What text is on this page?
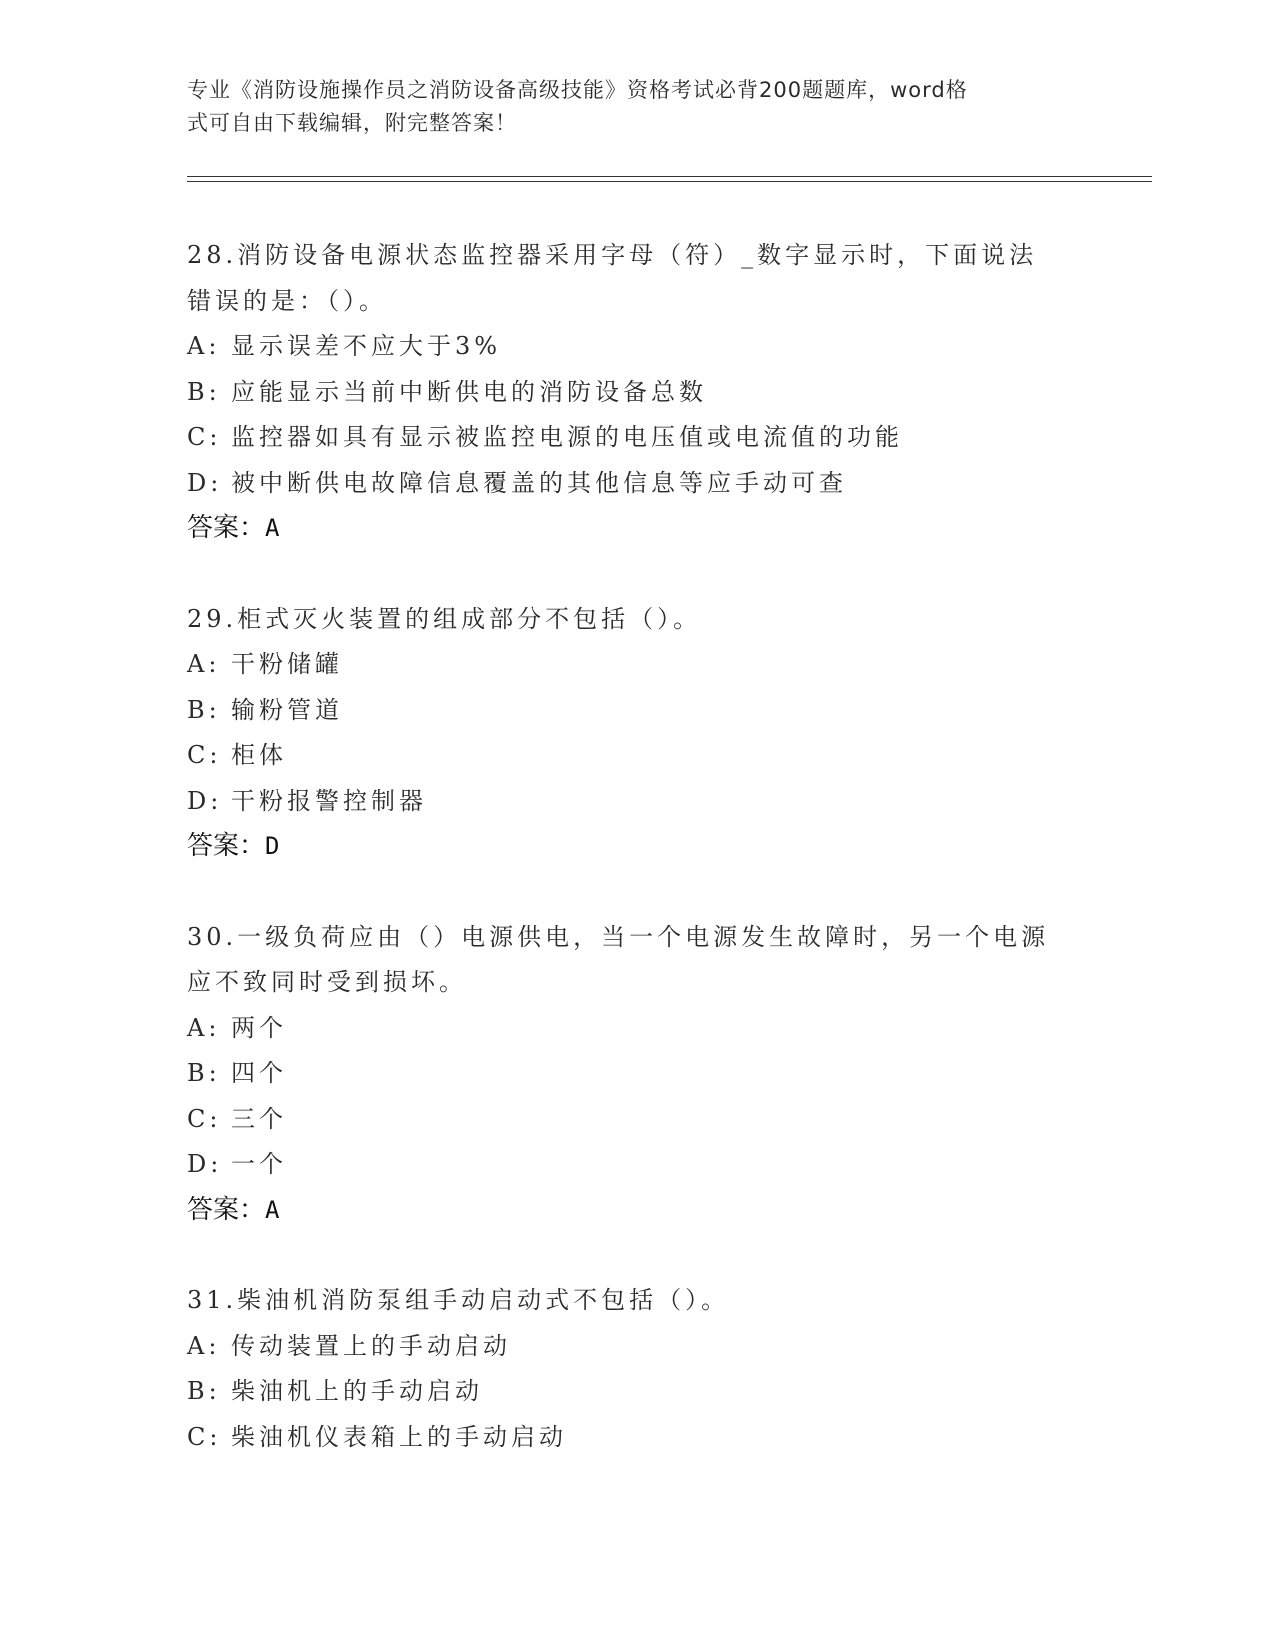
专业《消防设施操作员之消防设备高级技能》资格考试必背200题题库，word格
式可自由下载编辑，附完整答案！
28.消防设备电源状态监控器采用字母（符）_数字显示时，下面说法
错误的是：（）。
A: 显示误差不应大于3%
B: 应能显示当前中断供电的消防设备总数
C: 监控器如具有显示被监控电源的电压值或电流值的功能
D: 被中断供电故障信息覆盖的其他信息等应手动可查
答案：A
29.柜式灭火装置的组成部分不包括（）。
A: 干粉储罐
B: 输粉管道
C: 柜体
D: 干粉报警控制器
答案：D
30.一级负荷应由（）电源供电，当一个电源发生故障时，另一个电源
应不致同时受到损坏。
A: 两个
B: 四个
C: 三个
D: 一个
答案：A
31.柴油机消防泵组手动启动式不包括（）。
A: 传动装置上的手动启动
B: 柴油机上的手动启动
C: 柴油机仪表箱上的手动启动
